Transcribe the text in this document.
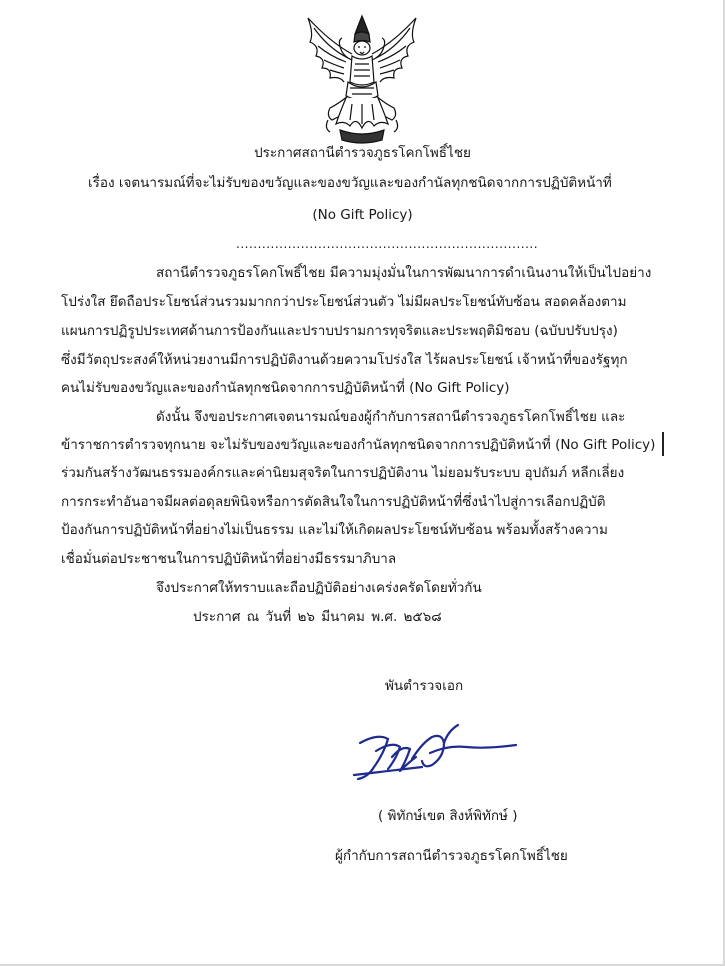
ประกาศสถานีตำรวจภูธรโคกโพธิ์ไชย
เรื่อง เจตนารมณ์ที่จะไม่รับของขวัญและของขวัญและของกำนัลทุกชนิดจากการปฏิบัติหน้าที่
(No Gift Policy)
......................................................................
สถานีตำรวจภูธรโคกโพธิ์ไชย มีความมุ่งมั่นในการพัฒนาการดำเนินงานให้เป็นไปอย่าง
โปร่งใส ยึดถือประโยชน์ส่วนรวมมากกว่าประโยชน์ส่วนตัว ไม่มีผลประโยชน์ทับซ้อน สอดคล้องตาม
แผนการปฏิรูปประเทศด้านการป้องกันและปราบปรามการทุจริตและประพฤติมิชอบ (ฉบับปรับปรุง)
ซึ่งมีวัตถุประสงค์ให้หน่วยงานมีการปฏิบัติงานด้วยความโปร่งใส ไร้ผลประโยชน์ เจ้าหน้าที่ของรัฐทุก
คนไม่รับของขวัญและของกำนัลทุกชนิดจากการปฏิบัติหน้าที่ (No Gift Policy)
ดังนั้น จึงขอประกาศเจตนารมณ์ของผู้กำกับการสถานีตำรวจภูธรโคกโพธิ์ไชย และ
ข้าราชการตำรวจทุกนาย จะไม่รับของขวัญและของกำนัลทุกชนิดจากการปฏิบัติหน้าที่ (No Gift Policy)
ร่วมกันสร้างวัฒนธรรมองค์กรและค่านิยมสุจริตในการปฏิบัติงาน ไม่ยอมรับระบบ อุปถัมภ์ หลีกเลี่ยง
การกระทำอันอาจมีผลต่อดุลยพินิจหรือการตัดสินใจในการปฏิบัติหน้าที่ซึ่งนำไปสู่การเลือกปฏิบัติ
ป้องกันการปฏิบัติหน้าที่อย่างไม่เป็นธรรม และไม่ให้เกิดผลประโยชน์ทับซ้อน พร้อมทั้งสร้างความ
เชื่อมั่นต่อประชาชนในการปฏิบัติหน้าที่อย่างมีธรรมาภิบาล
จึงประกาศให้ทราบและถือปฏิบัติอย่างเคร่งครัดโดยทั่วกัน
ประกาศ ณ วันที่ ๒๖ มีนาคม พ.ศ. ๒๕๖๘
พันตำรวจเอก
( พิทักษ์เขต สิงห์พิทักษ์ )
ผู้กำกับการสถานีตำรวจภูธรโคกโพธิ์ไชย
